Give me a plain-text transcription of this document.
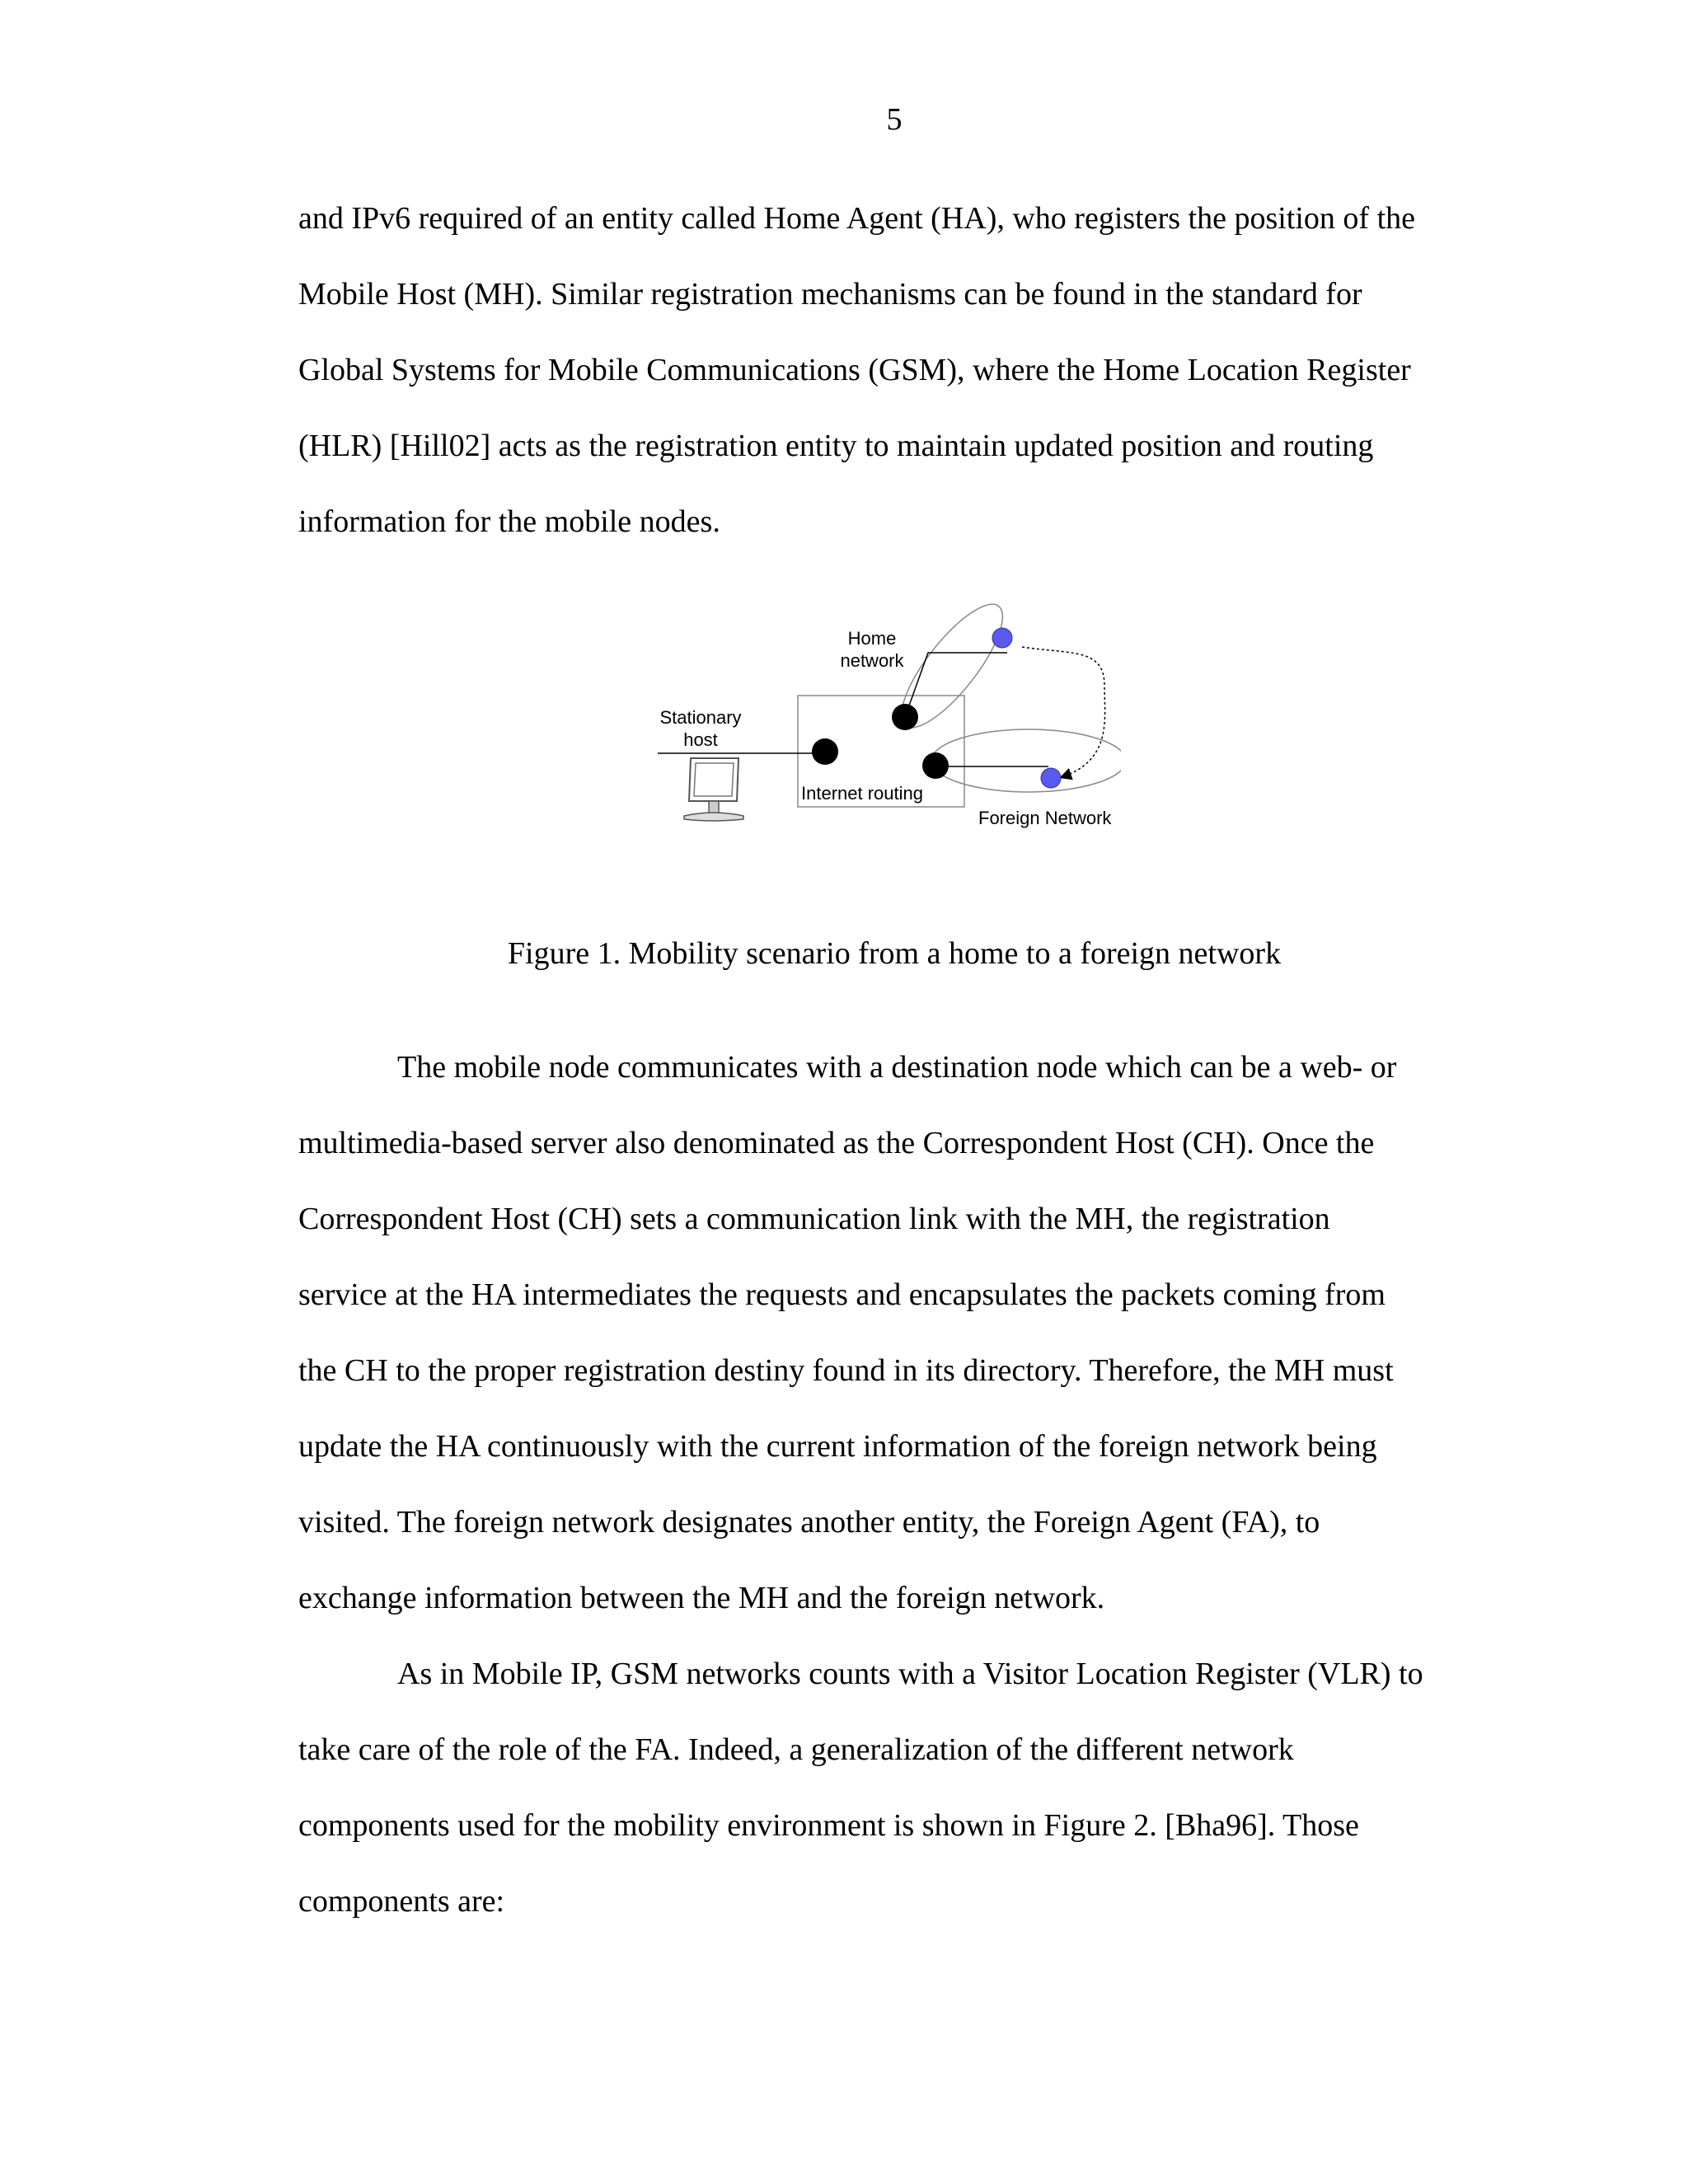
5
and IPv6 required of an entity called Home Agent (HA), who registers the position of the
Mobile Host (MH). Similar registration mechanisms can be found in the standard for
Global Systems for Mobile Communications (GSM), where the Home Location Register
(HLR) [Hill02] acts as the registration entity to maintain updated position and routing
information for the mobile nodes.
Home
network
Stationary
host
Internet routing
Foreign Network
Figure 1. Mobility scenario from a home to a foreign network
The mobile node communicates with a destination node which can be a web- or
multimedia-based server also denominated as the Correspondent Host (CH). Once the
Correspondent Host (CH) sets a communication link with the MH, the registration
service at the HA intermediates the requests and encapsulates the packets coming from
the CH to the proper registration destiny found in its directory. Therefore, the MH must
update the HA continuously with the current information of the foreign network being
visited. The foreign network designates another entity, the Foreign Agent (FA), to
exchange information between the MH and the foreign network.
As in Mobile IP, GSM networks counts with a Visitor Location Register (VLR) to
take care of the role of the FA. Indeed, a generalization of the different network
components used for the mobility environment is shown in Figure 2. [Bha96]. Those
components are:
